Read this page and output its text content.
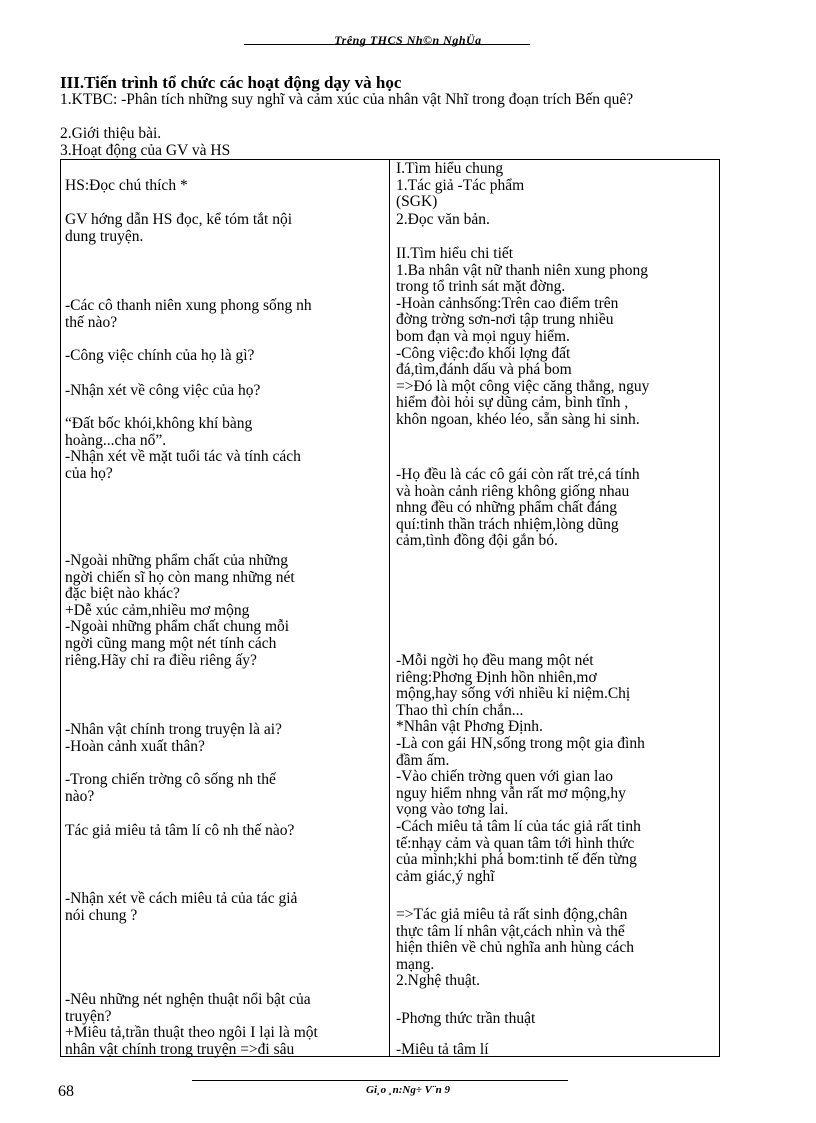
Trêng THCS Nh©n NghÜa
III.Tiến trình tổ chức các hoạt động dạy và học
1.KTBC: -Phân tích những suy nghĩ và cảm xúc của nhân vật Nhĩ trong đoạn trích Bến quê?
2.Giới thiệu bài.
3.Hoạt động của GV và HS
HS:Đọc chú thích *
GV hớng dẫn HS đọc, kể tóm tắt nội
dung truyện.
-Các cô thanh niên xung phong sống nh
thế nào?
-Công việc chính của họ là gì?
-Nhận xét về công việc của họ?
“Đất bốc khói,không khí bàng
hoàng...cha nổ”.
-Nhận xét về mặt tuổi tác và tính cách
của họ?
-Ngoài những phẩm chất của những
ngời chiến sĩ họ còn mang những nét
đặc biệt nào khác?
+Dễ xúc cảm,nhiều mơ mộng
-Ngoài những phẩm chất chung mỗi
ngời cũng mang một nét tính cách
riêng.Hãy chỉ ra điều riêng ấy?
-Nhân vật chính trong truyện là ai?
-Hoàn cảnh xuất thân?
-Trong chiến trờng cô sống nh thế
nào?
Tác giả miêu tả tâm lí cô nh thế nào?
-Nhận xét về cách miêu tả của tác giả
nói chung ?
-Nêu những nét nghện thuật nổi bật của
truyện?
+Miêu tả,trần thuật theo ngôi I lại là một
nhân vật chính trong truyện =>đi sâu
I.Tìm hiểu chung
1.Tác giả -Tác phẩm
(SGK)
2.Đọc văn bản.
II.Tìm hiểu chi tiết
1.Ba nhân vật nữ thanh niên xung phong
trong tổ trinh sát mặt đờng.
-Hoàn cảnhsống:Trên cao điểm trên
đờng trờng sơn-nơi tập trung nhiều
bom đạn và mọi nguy hiểm.
-Công việc:đo khối lợng đất
đá,tìm,đánh dấu và phá bom
=>Đó là một công việc căng thẳng, nguy
hiểm đòi hỏi sự dũng cảm, bình tĩnh ,
khôn ngoan, khéo léo, sẵn sàng hi sinh.
-Họ đều là các cô gái còn rất trẻ,cá tính
và hoàn cảnh riêng không giống nhau
nhng đều có những phẩm chất đáng
quí:tinh thần trách nhiệm,lòng dũng
cảm,tình đồng đội gắn bó.
-Mỗi ngời họ đều mang một nét
riêng:Phơng Định hồn nhiên,mơ
mộng,hay sống với nhiều kỉ niệm.Chị
Thao thì chín chắn...
*Nhân vật Phơng Định.
-Là con gái HN,sống trong một gia đình
đầm ấm.
-Vào chiến trờng quen với gian lao
nguy hiểm nhng vẫn rất mơ mộng,hy
vọng vào tơng lai.
-Cách miêu tả tâm lí của tác giả rất tinh
tế:nhạy cảm và quan tâm tới hình thức
của mình;khi phá bom:tinh tế đến từng
cảm giác,ý nghĩ
=>Tác giả miêu tả rất sinh động,chân
thực tâm lí nhân vật,cách nhìn và thể
hiện thiên về chủ nghĩa anh hùng cách
mạng.
2.Nghệ thuật.
-Phơng thức trần thuật
-Miêu tả tâm lí
Gi¸o ¸n:Ng÷ V¨n 9
68
